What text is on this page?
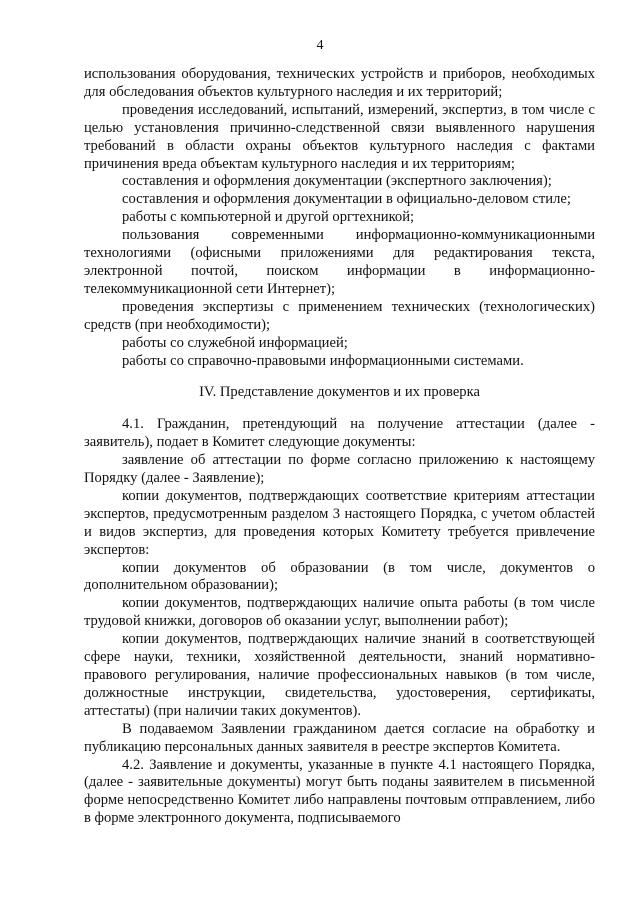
4

использования оборудования, технических устройств и приборов, необходимых для обследования объектов культурного наследия и их территорий;

проведения исследований, испытаний, измерений, экспертиз, в том числе с целью установления причинно-следственной связи выявленного нарушения требований в области охраны объектов культурного наследия с фактами причинения вреда объектам культурного наследия и их территориям;

составления и оформления документации (экспертного заключения);

составления и оформления документации в официально-деловом стиле;

работы с компьютерной и другой оргтехникой;

пользования современными информационно-коммуникационными технологиями (офисными приложениями для редактирования текста, электронной почтой, поиском информации в информационно-телекоммуникационной сети Интернет);

проведения экспертизы с применением технических (технологических) средств (при необходимости);

работы со служебной информацией;

работы со справочно-правовыми информационными системами.

IV. Представление документов и их проверка

4.1. Гражданин, претендующий на получение аттестации (далее - заявитель), подает в Комитет следующие документы:

заявление об аттестации по форме согласно приложению к настоящему Порядку (далее - Заявление);

копии документов, подтверждающих соответствие критериям аттестации экспертов, предусмотренным разделом 3 настоящего Порядка, с учетом областей и видов экспертиз, для проведения которых Комитету требуется привлечение экспертов:

копии документов об образовании (в том числе, документов о дополнительном образовании);

копии документов, подтверждающих наличие опыта работы (в том числе трудовой книжки, договоров об оказании услуг, выполнении работ);

копии документов, подтверждающих наличие знаний в соответствующей сфере науки, техники, хозяйственной деятельности, знаний нормативно-правового регулирования, наличие профессиональных навыков (в том числе, должностные инструкции, свидетельства, удостоверения, сертификаты, аттестаты) (при наличии таких документов).

В подаваемом Заявлении гражданином дается согласие на обработку и публикацию персональных данных заявителя в реестре экспертов Комитета.

4.2. Заявление и документы, указанные в пункте 4.1 настоящего Порядка, (далее - заявительные документы) могут быть поданы заявителем в письменной форме непосредственно Комитет либо направлены почтовым отправлением, либо в форме электронного документа, подписываемого
